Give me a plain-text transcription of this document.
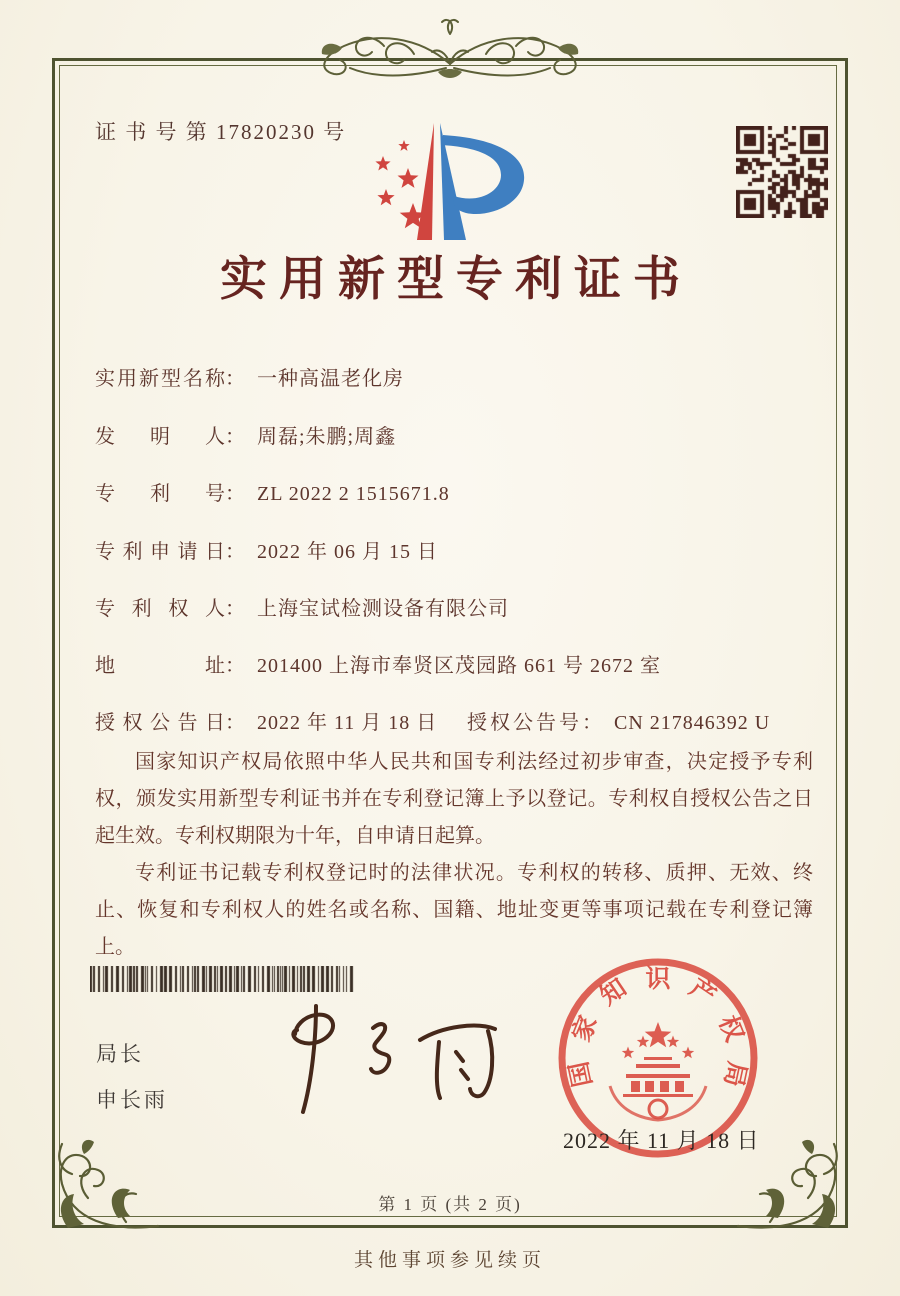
证 书 号 第 17820230 号
实用新型专利证书
实用新型名称： 一种高温老化房
发明人： 周磊;朱鹏;周鑫
专利号： ZL 2022 2 1515671.8
专利申请日： 2022 年 06 月 15 日
专利权人： 上海宝试检测设备有限公司
地址： 201400 上海市奉贤区茂园路 661 号 2672 室
授权公告日： 2022 年 11 月 18 日 授权公告号： CN 217846392 U

国家知识产权局依照中华人民共和国专利法经过初步审查，决定授予专利权，颁发实用新型专利证书并在专利登记簿上予以登记。专利权自授权公告之日起生效。专利权期限为十年，自申请日起算。

专利证书记载专利权登记时的法律状况。专利权的转移、质押、无效、终止、恢复和专利权人的姓名或名称、国籍、地址变更等事项记载在专利登记簿上。

局长
申长雨
国
家
知 识 产
权
局
2022 年 11 月 18 日
第 1 页 (共 2 页)
其他事项参见续页
